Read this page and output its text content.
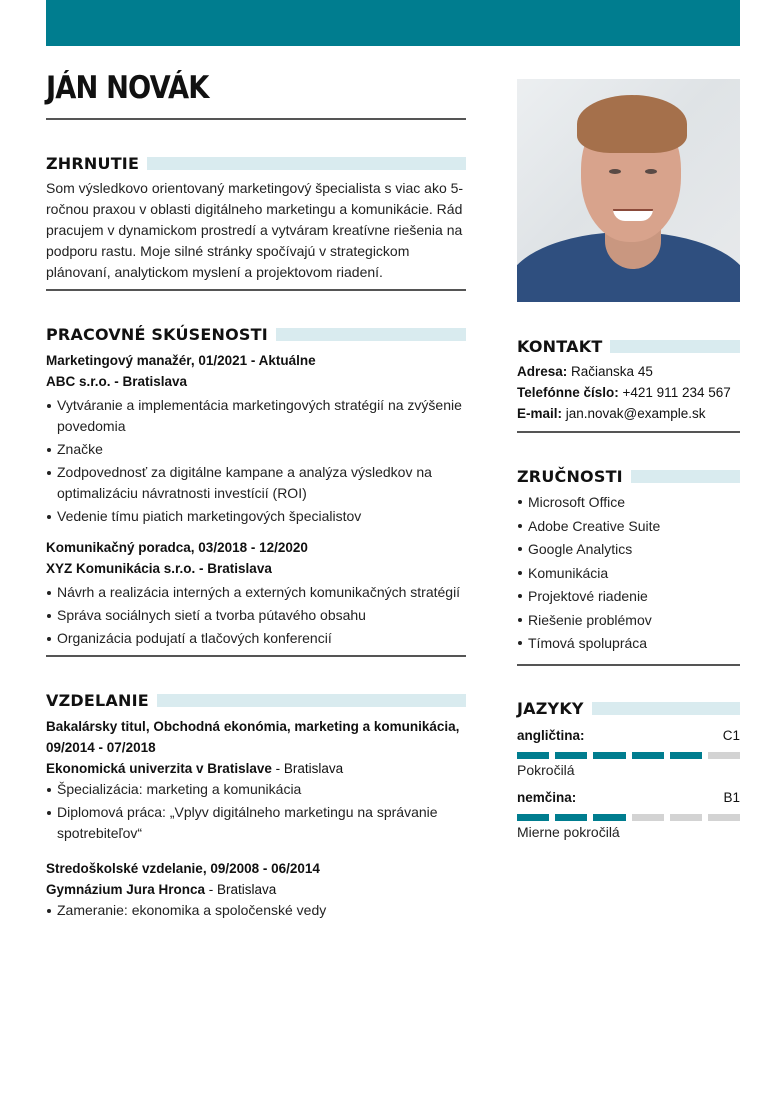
JÁN NOVÁK
ZHRNUTIE

Som výsledkovo orientovaný marketingový špecialista s viac ako 5-ročnou praxou v oblasti digitálneho marketingu a komunikácie. Rád pracujem v dynamickom prostredí a vytváram kreatívne riešenia na podporu rastu. Moje silné stránky spočívajú v strategickom plánovaní, analytickom myslení a projektovom riadení.

PRACOVNÉ SKÚSENOSTI
Marketingový manažér, 01/2021 - Aktuálne
ABC s.r.o. - Bratislava
Vytváranie a implementácia marketingových stratégií na zvýšenie povedomia
Značke
Zodpovednosť za digitálne kampane a analýza výsledkov na optimalizáciu návratnosti investícií (ROI)
Vedenie tímu piatich marketingových špecialistov
Komunikačný poradca, 03/2018 - 12/2020
XYZ Komunikácia s.r.o. - Bratislava
Návrh a realizácia interných a externých komunikačných stratégií
Správa sociálnych sietí a tvorba pútavého obsahu
Organizácia podujatí a tlačových konferencií
VZDELANIE
Bakalársky titul, Obchodná ekonómia, marketing a komunikácia, 09/2014 - 07/2018
Ekonomická univerzita v Bratislave - Bratislava
Špecializácia: marketing a komunikácia
Diplomová práca: „Vplyv digitálneho marketingu na správanie spotrebiteľov“
Stredoškolské vzdelanie, 09/2008 - 06/2014
Gymnázium Jura Hronca - Bratislava
Zameranie: ekonomika a spoločenské vedy
KONTAKT
Adresa: Račianska 45
Telefónne číslo: +421 911 234 567
E-mail: jan.novak@example.sk
ZRUČNOSTI
Microsoft Office
Adobe Creative Suite
Google Analytics
Komunikácia
Projektové riadenie
Riešenie problémov
Tímová spolupráca
JAZYKY
angličtina:	C1
Pokročilá
nemčina:	B1
Mierne pokročilá
